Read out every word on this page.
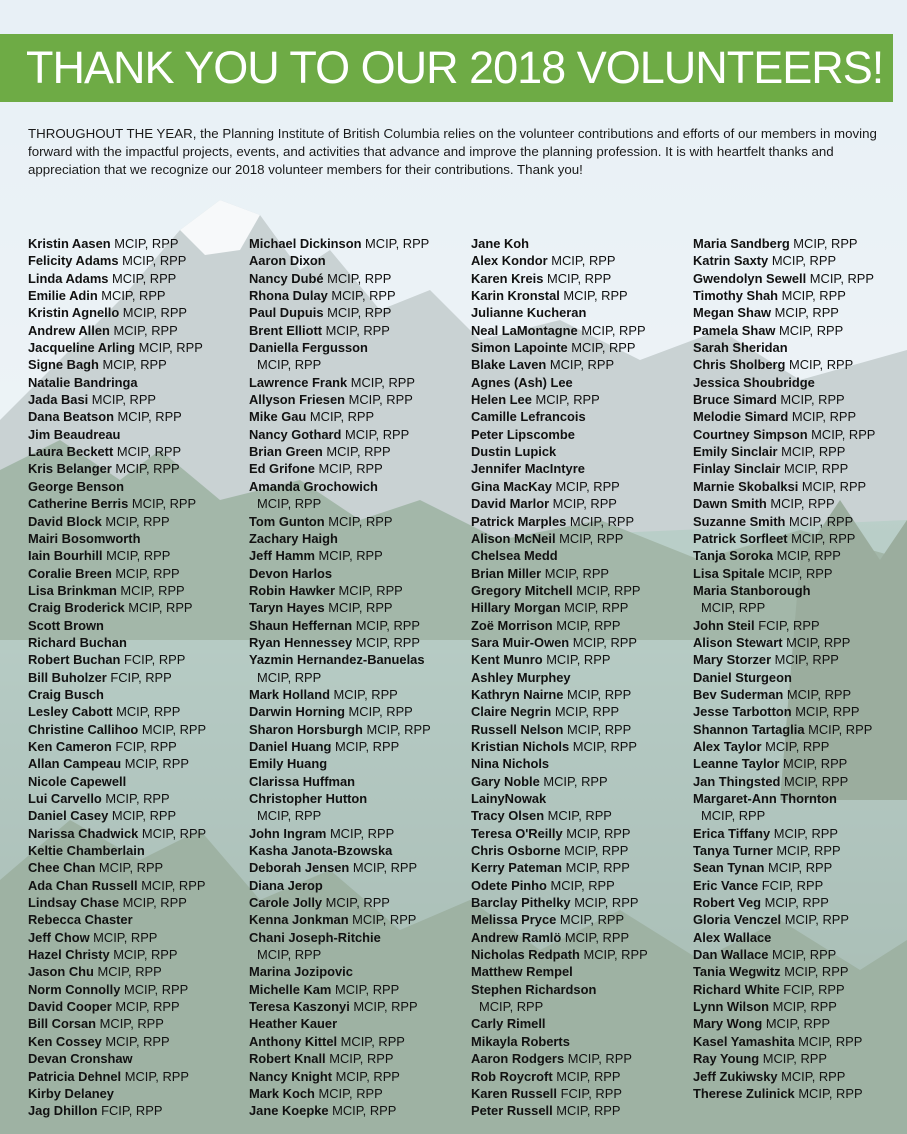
THANK YOU TO OUR 2018 VOLUNTEERS!
THROUGHOUT THE YEAR, the Planning Institute of British Columbia relies on the volunteer contributions and efforts of our members in moving forward with the impactful projects, events, and activities that advance and improve the planning profession. It is with heartfelt thanks and appreciation that we recognize our 2018 volunteer members for their contributions. Thank you!
Kristin Aasen MCIP, RPP
Felicity Adams MCIP, RPP
Linda Adams MCIP, RPP
Emilie Adin MCIP, RPP
Kristin Agnello MCIP, RPP
Andrew Allen MCIP, RPP
Jacqueline Arling MCIP, RPP
Signe Bagh MCIP, RPP
Natalie Bandringa
Jada Basi MCIP, RPP
Dana Beatson MCIP, RPP
Jim Beaudreau
Laura Beckett MCIP, RPP
Kris Belanger MCIP, RPP
George Benson
Catherine Berris MCIP, RPP
David Block MCIP, RPP
Mairi Bosomworth
Iain Bourhill MCIP, RPP
Coralie Breen MCIP, RPP
Lisa Brinkman MCIP, RPP
Craig Broderick MCIP, RPP
Scott Brown
Richard Buchan
Robert Buchan FCIP, RPP
Bill Buholzer FCIP, RPP
Craig Busch
Lesley Cabott MCIP, RPP
Christine Callihoo MCIP, RPP
Ken Cameron FCIP, RPP
Allan Campeau MCIP, RPP
Nicole Capewell
Lui Carvello MCIP, RPP
Daniel Casey MCIP, RPP
Narissa Chadwick MCIP, RPP
Keltie Chamberlain
Chee Chan MCIP, RPP
Ada Chan Russell MCIP, RPP
Lindsay Chase MCIP, RPP
Rebecca Chaster
Jeff Chow MCIP, RPP
Hazel Christy MCIP, RPP
Jason Chu MCIP, RPP
Norm Connolly MCIP, RPP
David Cooper MCIP, RPP
Bill Corsan MCIP, RPP
Ken Cossey MCIP, RPP
Devan Cronshaw
Patricia Dehnel MCIP, RPP
Kirby Delaney
Jag Dhillon FCIP, RPP
Michael Dickinson MCIP, RPP
Aaron Dixon
Nancy Dubé MCIP, RPP
Rhona Dulay MCIP, RPP
Paul Dupuis MCIP, RPP
Brent Elliott MCIP, RPP
Daniella Fergusson
MCIP, RPP
Lawrence Frank MCIP, RPP
Allyson Friesen MCIP, RPP
Mike Gau MCIP, RPP
Nancy Gothard MCIP, RPP
Brian Green MCIP, RPP
Ed Grifone MCIP, RPP
Amanda Grochowich
MCIP, RPP
Tom Gunton MCIP, RPP
Zachary Haigh
Jeff Hamm MCIP, RPP
Devon Harlos
Robin Hawker MCIP, RPP
Taryn Hayes MCIP, RPP
Shaun Heffernan MCIP, RPP
Ryan Hennessey MCIP, RPP
Yazmin Hernandez-Banuelas
MCIP, RPP
Mark Holland MCIP, RPP
Darwin Horning MCIP, RPP
Sharon Horsburgh MCIP, RPP
Daniel Huang MCIP, RPP
Emily Huang
Clarissa Huffman
Christopher Hutton
MCIP, RPP
John Ingram MCIP, RPP
Kasha Janota-Bzowska
Deborah Jensen MCIP, RPP
Diana Jerop
Carole Jolly MCIP, RPP
Kenna Jonkman MCIP, RPP
Chani Joseph-Ritchie
MCIP, RPP
Marina Jozipovic
Michelle Kam MCIP, RPP
Teresa Kaszonyi MCIP, RPP
Heather Kauer
Anthony Kittel MCIP, RPP
Robert Knall MCIP, RPP
Nancy Knight MCIP, RPP
Mark Koch MCIP, RPP
Jane Koepke MCIP, RPP
Jane Koh
Alex Kondor MCIP, RPP
Karen Kreis MCIP, RPP
Karin Kronstal MCIP, RPP
Julianne Kucheran
Neal LaMontagne MCIP, RPP
Simon Lapointe MCIP, RPP
Blake Laven MCIP, RPP
Agnes (Ash) Lee
Helen Lee MCIP, RPP
Camille Lefrancois
Peter Lipscombe
Dustin Lupick
Jennifer MacIntyre
Gina MacKay MCIP, RPP
David Marlor MCIP, RPP
Patrick Marples MCIP, RPP
Alison McNeil MCIP, RPP
Chelsea Medd
Brian Miller MCIP, RPP
Gregory Mitchell MCIP, RPP
Hillary Morgan MCIP, RPP
Zoë Morrison MCIP, RPP
Sara Muir-Owen MCIP, RPP
Kent Munro MCIP, RPP
Ashley Murphey
Kathryn Nairne MCIP, RPP
Claire Negrin MCIP, RPP
Russell Nelson MCIP, RPP
Kristian Nichols MCIP, RPP
Nina Nichols
Gary Noble MCIP, RPP
LainyNowak
Tracy Olsen MCIP, RPP
Teresa O'Reilly MCIP, RPP
Chris Osborne MCIP, RPP
Kerry Pateman MCIP, RPP
Odete Pinho MCIP, RPP
Barclay Pithelky MCIP, RPP
Melissa Pryce MCIP, RPP
Andrew Ramlö MCIP, RPP
Nicholas Redpath MCIP, RPP
Matthew Rempel
Stephen Richardson
MCIP, RPP
Carly Rimell
Mikayla Roberts
Aaron Rodgers MCIP, RPP
Rob Roycroft MCIP, RPP
Karen Russell FCIP, RPP
Peter Russell MCIP, RPP
Maria Sandberg MCIP, RPP
Katrin Saxty MCIP, RPP
Gwendolyn Sewell MCIP, RPP
Timothy Shah MCIP, RPP
Megan Shaw MCIP, RPP
Pamela Shaw MCIP, RPP
Sarah Sheridan
Chris Sholberg MCIP, RPP
Jessica Shoubridge
Bruce Simard MCIP, RPP
Melodie Simard MCIP, RPP
Courtney Simpson MCIP, RPP
Emily Sinclair MCIP, RPP
Finlay Sinclair MCIP, RPP
Marnie Skobalksi MCIP, RPP
Dawn Smith MCIP, RPP
Suzanne Smith MCIP, RPP
Patrick Sorfleet MCIP, RPP
Tanja Soroka MCIP, RPP
Lisa Spitale MCIP, RPP
Maria Stanborough
MCIP, RPP
John Steil FCIP, RPP
Alison Stewart MCIP, RPP
Mary Storzer MCIP, RPP
Daniel Sturgeon
Bev Suderman MCIP, RPP
Jesse Tarbotton MCIP, RPP
Shannon Tartaglia MCIP, RPP
Alex Taylor MCIP, RPP
Leanne Taylor MCIP, RPP
Jan Thingsted MCIP, RPP
Margaret-Ann Thornton
MCIP, RPP
Erica Tiffany MCIP, RPP
Tanya Turner MCIP, RPP
Sean Tynan MCIP, RPP
Eric Vance FCIP, RPP
Robert Veg MCIP, RPP
Gloria Venczel MCIP, RPP
Alex Wallace
Dan Wallace MCIP, RPP
Tania Wegwitz MCIP, RPP
Richard White FCIP, RPP
Lynn Wilson MCIP, RPP
Mary Wong MCIP, RPP
Kasel Yamashita MCIP, RPP
Ray Young MCIP, RPP
Jeff Zukiwsky MCIP, RPP
Therese Zulinick MCIP, RPP
